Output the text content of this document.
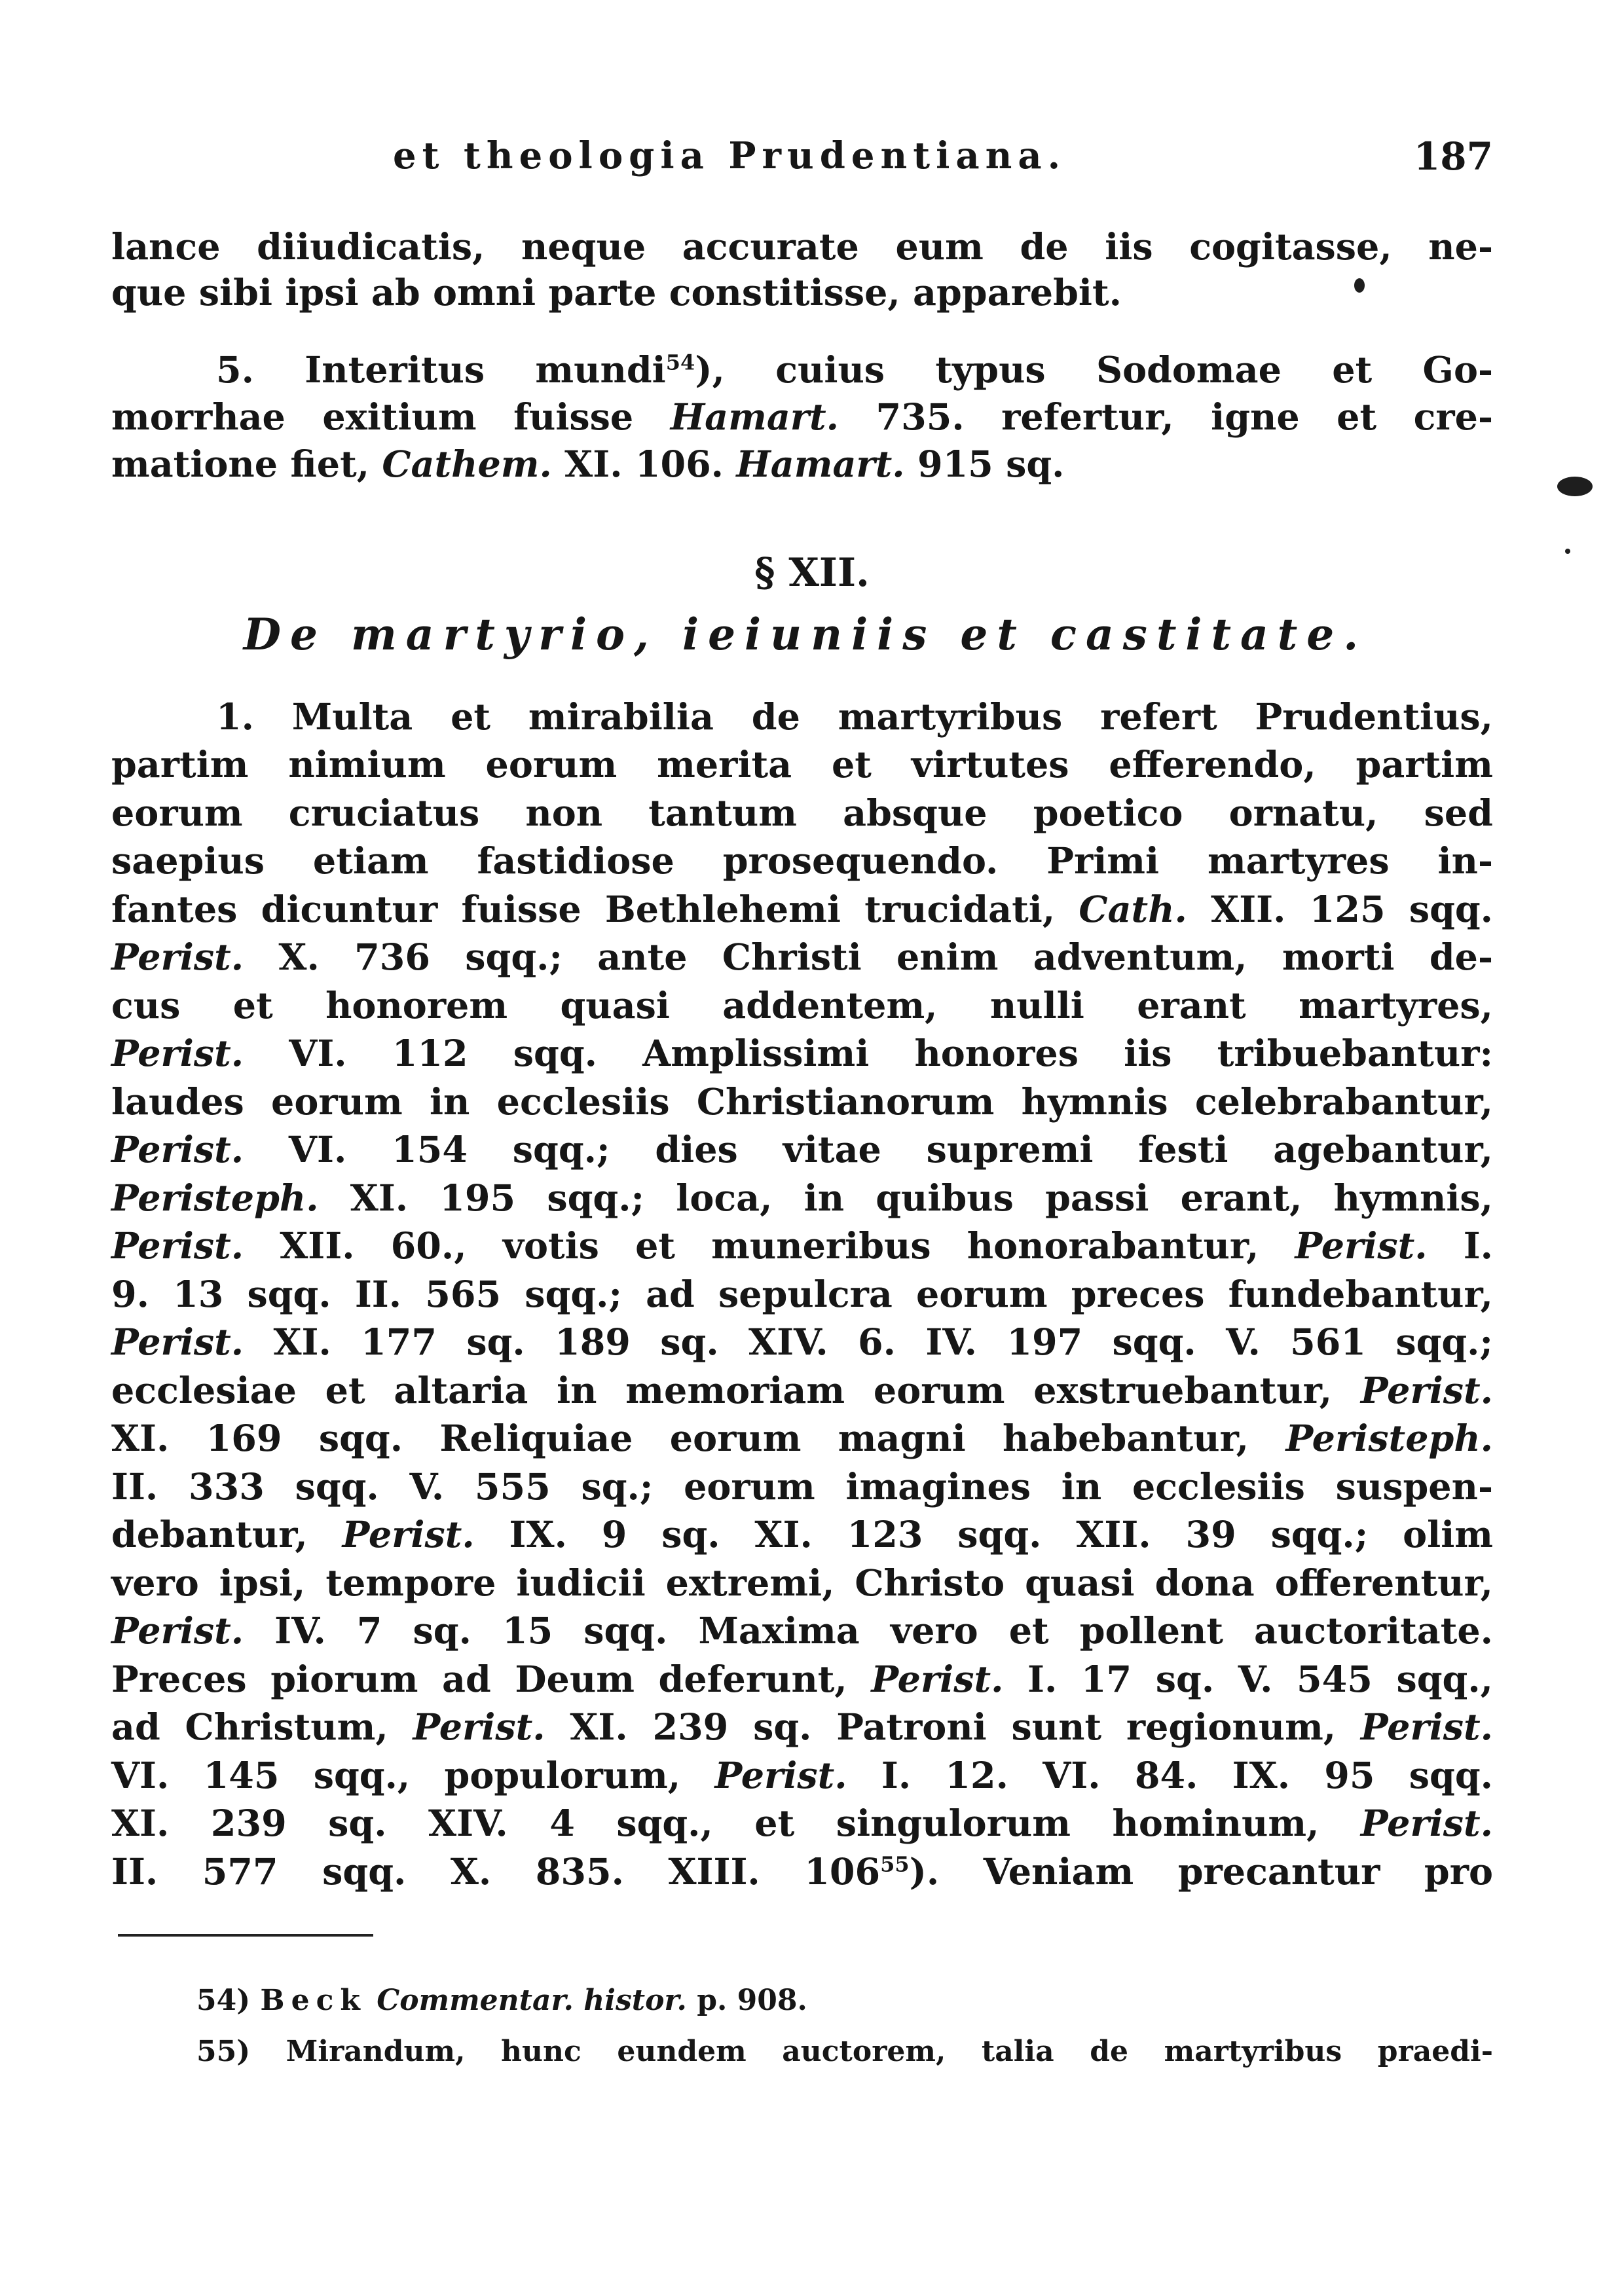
et theologia Prudentiana.	187
lance diiudicatis, neque accurate eum de iis cogitasse, ne-
que sibi ipsi ab omni parte constitisse, apparebit.
5. Interitus mundi$^{54}$), cuius typus Sodomae et Go-
morrhae exitium fuisse Hamart. 735. refertur, igne et cre-
matione fiet, Cathem. XI. 106. Hamart. 915 sq.
§ XII.
De martyrio, ieiuniis et castitate.
1. Multa et mirabilia de martyribus refert Prudentius,
partim nimium eorum merita et virtutes efferendo, partim
eorum cruciatus non tantum absque poetico ornatu, sed
saepius etiam fastidiose prosequendo. Primi martyres in-
fantes dicuntur fuisse Bethlehemi trucidati, Cath. XII. 125 sqq.
Perist. X. 736 sqq.; ante Christi enim adventum, morti de-
cus et honorem quasi addentem, nulli erant martyres,
Perist. VI. 112 sqq. Amplissimi honores iis tribuebantur:
laudes eorum in ecclesiis Christianorum hymnis celebrabantur,
Perist. VI. 154 sqq.; dies vitae supremi festi agebantur,
Peristeph. XI. 195 sqq.; loca, in quibus passi erant, hymnis,
Perist. XII. 60., votis et muneribus honorabantur, Perist. I.
9. 13 sqq. II. 565 sqq.; ad sepulcra eorum preces fundebantur,
Perist. XI. 177 sq. 189 sq. XIV. 6. IV. 197 sqq. V. 561 sqq.;
ecclesiae et altaria in memoriam eorum exstruebantur, Perist.
XI. 169 sqq. Reliquiae eorum magni habebantur, Peristeph.
II. 333 sqq. V. 555 sq.; eorum imagines in ecclesiis suspen-
debantur, Perist. IX. 9 sq. XI. 123 sqq. XII. 39 sqq.; olim
vero ipsi, tempore iudicii extremi, Christo quasi dona offerentur,
Perist. IV. 7 sq. 15 sqq. Maxima vero et pollent auctoritate.
Preces piorum ad Deum deferunt, Perist. I. 17 sq. V. 545 sqq.,
ad Christum, Perist. XI. 239 sq. Patroni sunt regionum, Perist.
VI. 145 sqq., populorum, Perist. I. 12. VI. 84. IX. 95 sqq.
XI. 239 sq. XIV. 4 sqq., et singulorum hominum, Perist.
II. 577 sqq. X. 835. XIII. $106^{55}$). Veniam precantur pro
54) Beck Commentar. histor. p. 908.
55) Mirandum, hunc eundem auctorem, talia de martyribus praedi-
